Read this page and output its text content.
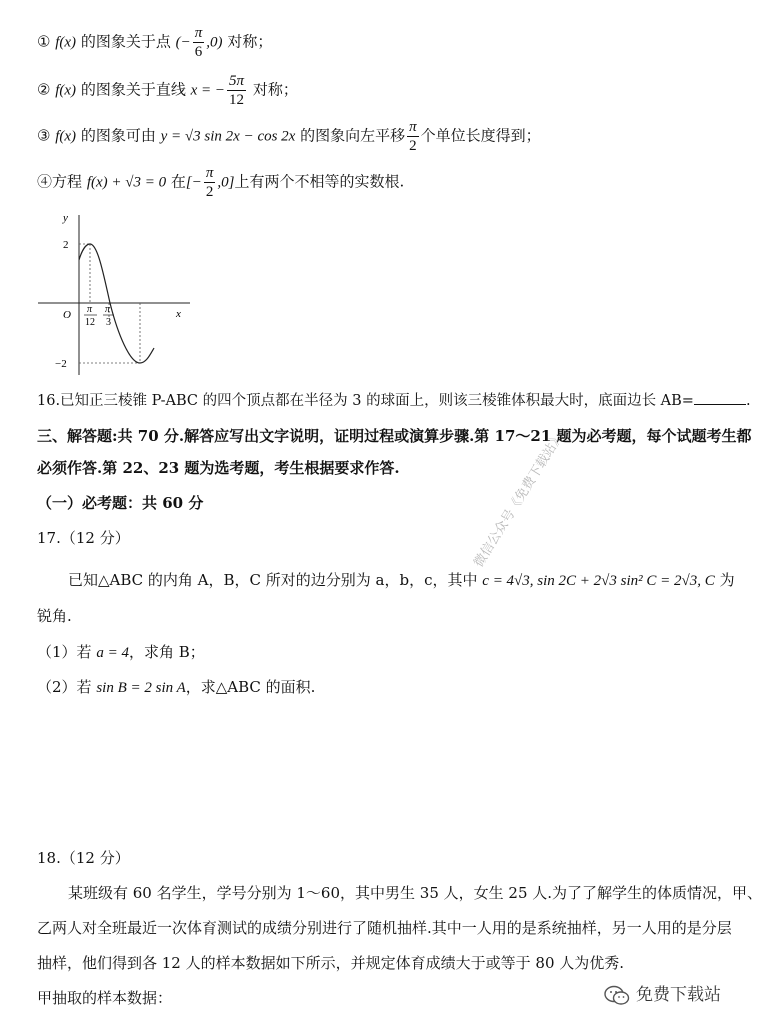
① f(x) 的图象关于点 (− $\frac{\pi}{6} ,0$) 对称；
② f(x) 的图象关于直线 x = − $\frac{5\pi}{12}$ 对称；
③ f(x) 的图象可由 y = √3 sin 2x − cos 2x 的图象向左平移 $\frac{\pi}{2}$ 个单位长度得到；
④方程 f(x) + √3 = 0 在[− $\frac{\pi}{2} ,0$]上有两个不相等的实数根.
y
x
O
2
−2
π
12
π
3
16.已知正三棱锥 P-ABC 的四个顶点都在半径为 3 的球面上，则该三棱锥体积最大时，底面边长 AB=	.
三、解答题:共 70 分.解答应写出文字说明，证明过程或演算步骤.第 17～21 题为必考题，每个试题考生都
必须作答.第 22、23 题为选考题，考生根据要求作答.
（一）必考题：共 60 分
17.（12 分）
已知△ABC 的内角 A，B，C 所对的边分别为 a，b，c，其中 c = 4√3, sin 2C + 2√3 sin² C = 2√3, C 为
锐角.
（1）若 a = 4，求角 B；
（2）若 sin B = 2 sin A，求△ABC 的面积.
微信公众号《免费下载站》
18.（12 分）
某班级有 60 名学生，学号分别为 1～60，其中男生 35 人，女生 25 人.为了了解学生的体质情况，甲、
乙两人对全班最近一次体育测试的成绩分别进行了随机抽样.其中一人用的是系统抽样，另一人用的是分层
抽样，他们得到各 12 人的样本数据如下所示，并规定体育成绩大于或等于 80 人为优秀.
甲抽取的样本数据：	免费下载站
